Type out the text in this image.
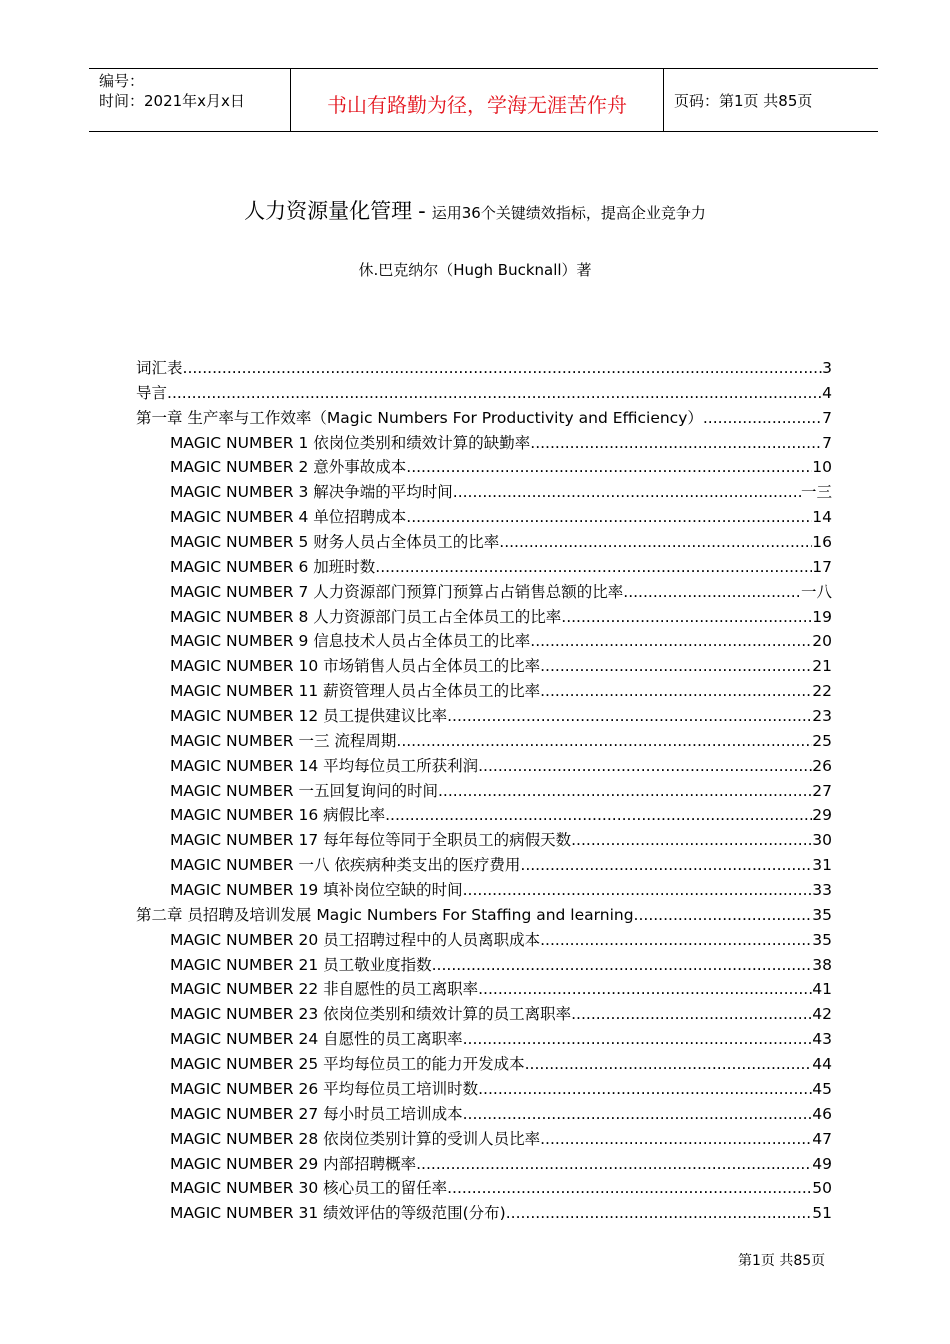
编号：
时间：2021年x月x日	书山有路勤为径，学海无涯苦作舟	页码：第1页 共85页
人力资源量化管理 - 运用36个关键绩效指标，提高企业竞争力
休.巴克纳尔（Hugh Bucknall）著
词汇表 .....	3
导言 .....	4
第一章 生产率与工作效率（Magic Numbers For Productivity and Efficiency） .....	7
MAGIC NUMBER 1 依岗位类别和绩效计算的缺勤率 .....	7
MAGIC NUMBER 2 意外事故成本 .....	10
MAGIC NUMBER 3 解决争端的平均时间 .....	一三
MAGIC NUMBER 4 单位招聘成本 .....	14
MAGIC NUMBER 5 财务人员占全体员工的比率 .....	16
MAGIC NUMBER 6 加班时数 .....	17
MAGIC NUMBER 7 人力资源部门预算门预算占占销售总额的比率 .....	一八
MAGIC NUMBER 8 人力资源部门员工占全体员工的比率 .....	19
MAGIC NUMBER 9 信息技术人员占全体员工的比率 .....	20
MAGIC NUMBER 10 市场销售人员占全体员工的比率 .....	21
MAGIC NUMBER 11 薪资管理人员占全体员工的比率 .....	22
MAGIC NUMBER 12 员工提供建议比率 .....	23
MAGIC NUMBER 一三 流程周期 .....	25
MAGIC NUMBER 14 平均每位员工所获利润 .....	26
MAGIC NUMBER 一五回复询问的时间 .....	27
MAGIC NUMBER 16 病假比率 .....	29
MAGIC NUMBER 17 每年每位等同于全职员工的病假天数 .....	30
MAGIC NUMBER 一八 依疾病种类支出的医疗费用 .....	31
MAGIC NUMBER 19 填补岗位空缺的时间 .....	33
第二章 员招聘及培训发展 Magic Numbers For Staffing and learning .....	35
MAGIC NUMBER 20 员工招聘过程中的人员离职成本 .....	35
MAGIC NUMBER 21 员工敬业度指数 .....	38
MAGIC NUMBER 22 非自愿性的员工离职率 .....	41
MAGIC NUMBER 23 依岗位类别和绩效计算的员工离职率 .....	42
MAGIC NUMBER 24 自愿性的员工离职率 .....	43
MAGIC NUMBER 25 平均每位员工的能力开发成本 .....	44
MAGIC NUMBER 26 平均每位员工培训时数 .....	45
MAGIC NUMBER 27 每小时员工培训成本 .....	46
MAGIC NUMBER 28 依岗位类别计算的受训人员比率 .....	47
MAGIC NUMBER 29 内部招聘概率 .....	49
MAGIC NUMBER 30 核心员工的留任率 .....	50
MAGIC NUMBER 31 绩效评估的等级范围(分布) .....	51
第1页 共85页
